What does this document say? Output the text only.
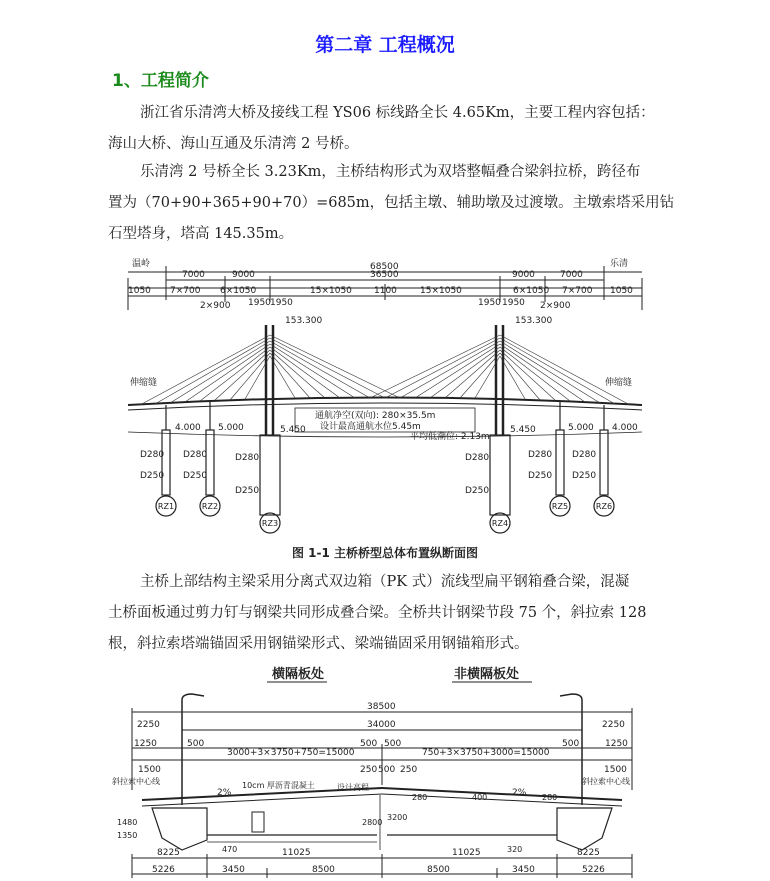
第二章 工程概况
1、工程简介
浙江省乐清湾大桥及接线工程 YS06 标线路全长 4.65Km，主要工程内容包括：
海山大桥、海山互通及乐清湾 2 号桥。
乐清湾 2 号桥全长 3.23Km，主桥结构形式为双塔整幅叠合梁斜拉桥，跨径布
置为（70+90+365+90+70）=685m，包括主墩、辅助墩及过渡墩。主墩索塔采用钻
石型塔身，塔高 145.35m。
温岭	乐清
68500
7000	9000	36500	9000	7000
1050 7×700 6×1050	15×1050 1100	15×1050	6×1050 7×700 1050
2×900 1950 1950	1950 1950 2×900
153.300	153.300
伸缩缝	伸缩缝
通航净空(双向): 280×35.5m
设计最高通航水位5.45m
平均低潮位: 2.13m
4.000 5.000	5.450	5.450	5.000 4.000
D280
D250
D280
D250
D280
D250
D280
D250
D280
D250
D280
D250
RZ1	RZ2
RZ3	RZ4
RZ5	RZ6
图 1-1 主桥桥型总体布置纵断面图
主桥上部结构主梁采用分离式双边箱（PK 式）流线型扁平钢箱叠合梁，混凝
土桥面板通过剪力钉与钢梁共同形成叠合梁。全桥共计钢梁节段 75 个，斜拉索 128
根，斜拉索塔端锚固采用钢锚梁形式、梁端锚固采用钢锚箱形式。
横隔板处	非横隔板处
38500
34000
2250	2250
1250	500
3000+3×3750+750=15000
500 500
750+3×3750+3000=15000
500	1250
250 500 250
1500	1500
斜拉索中心线	斜拉索中心线
2%	2%
10cm 厚沥青混凝土	设计高程
280	280
400
2800
3200
1480
1350
470	320
8225	11025	11025	8225
5226	3450	8500	8500	3450	5226
